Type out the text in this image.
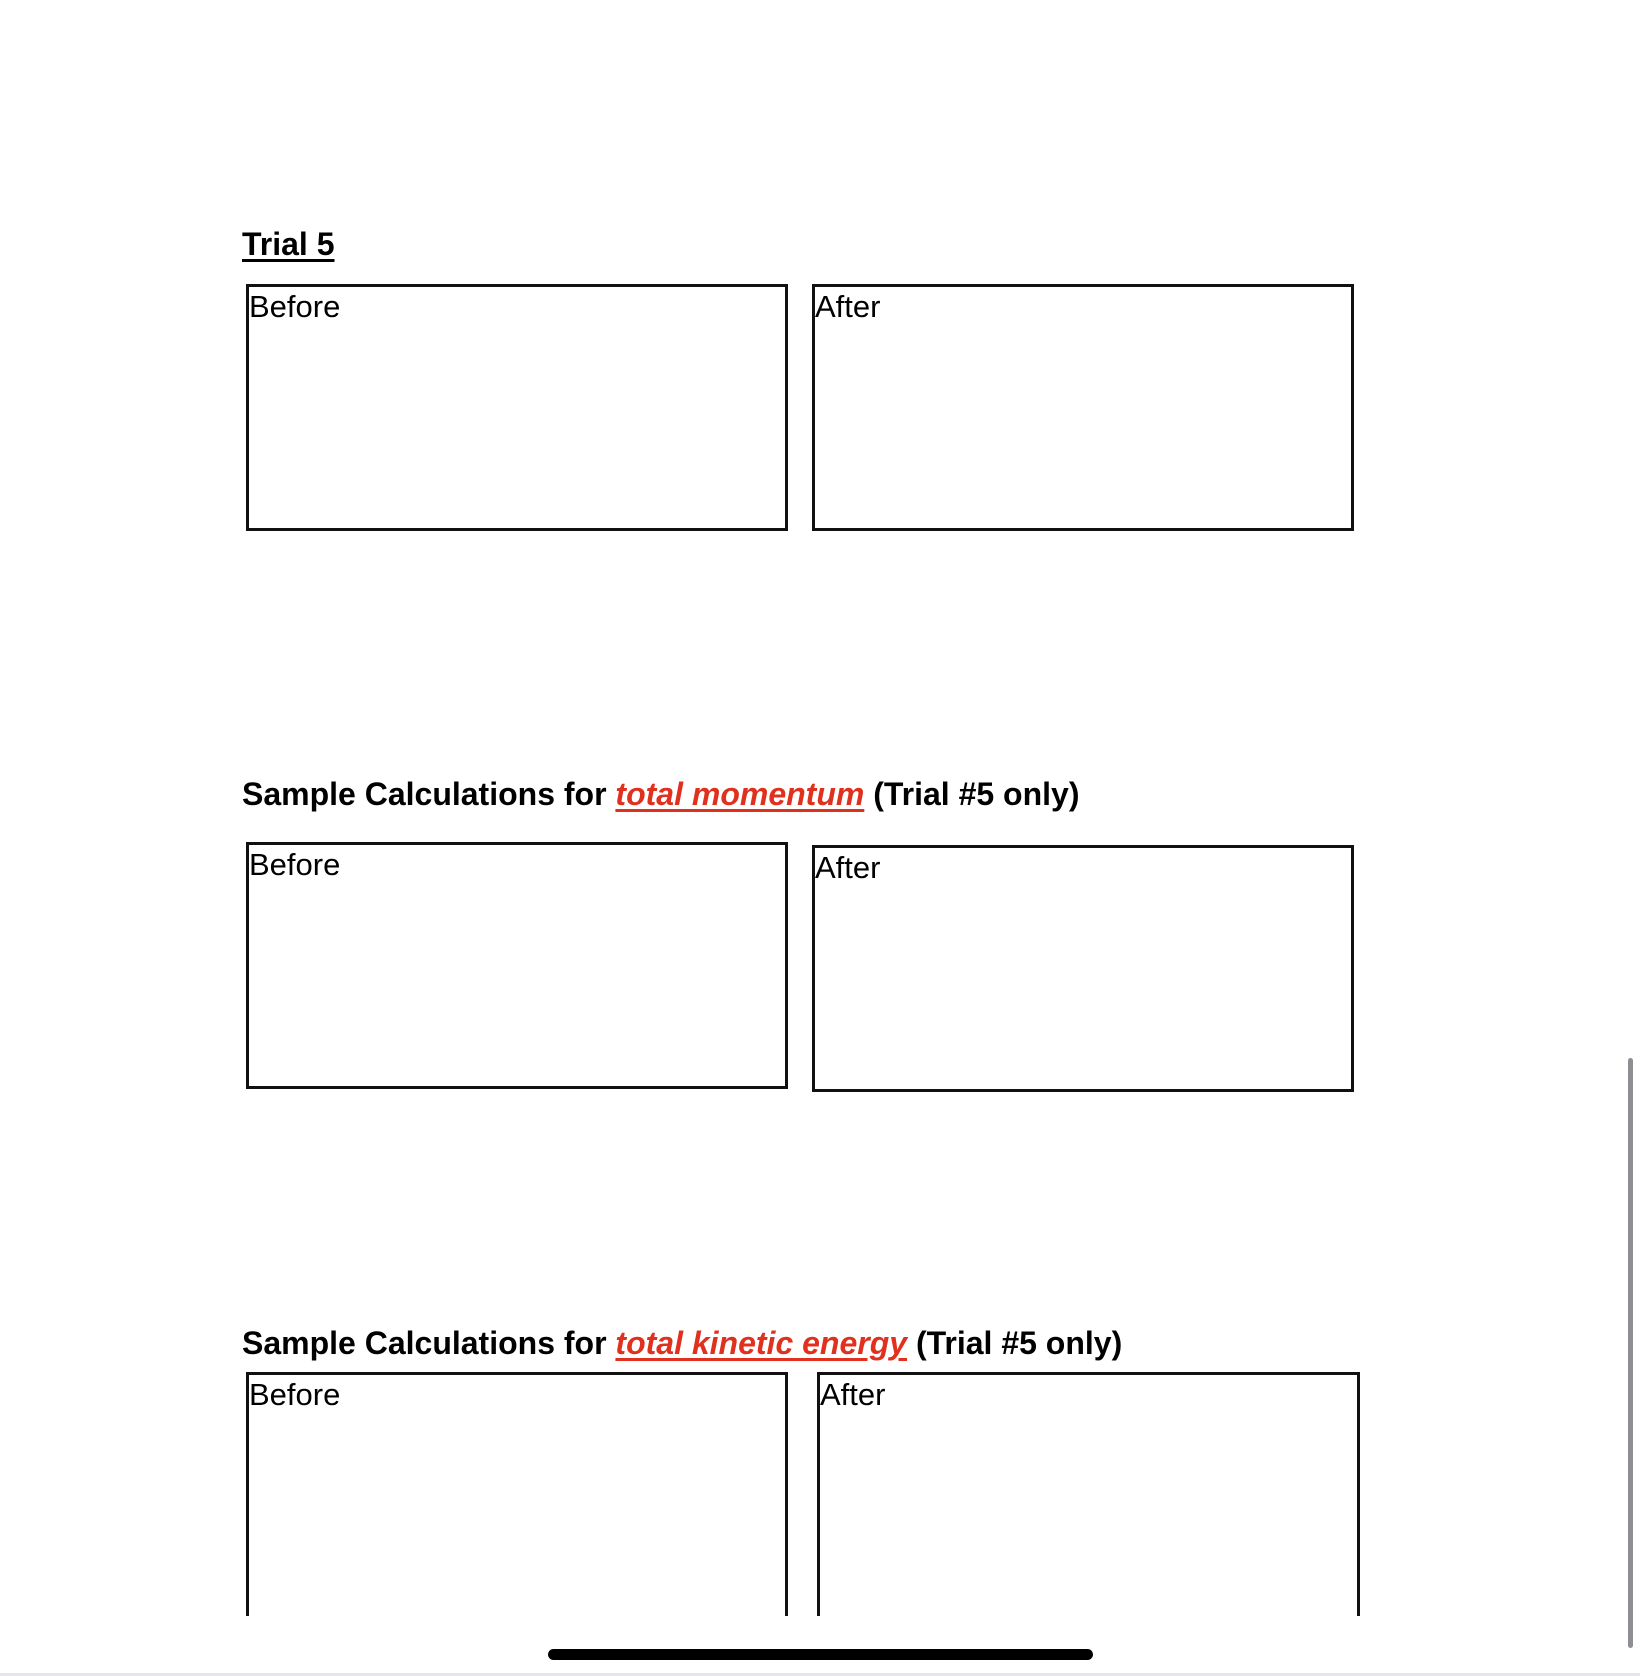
Trial 5
Before	After
Sample Calculations for total momentum (Trial #5 only)
Before	After
Sample Calculations for total kinetic energy (Trial #5 only)
Before	After
